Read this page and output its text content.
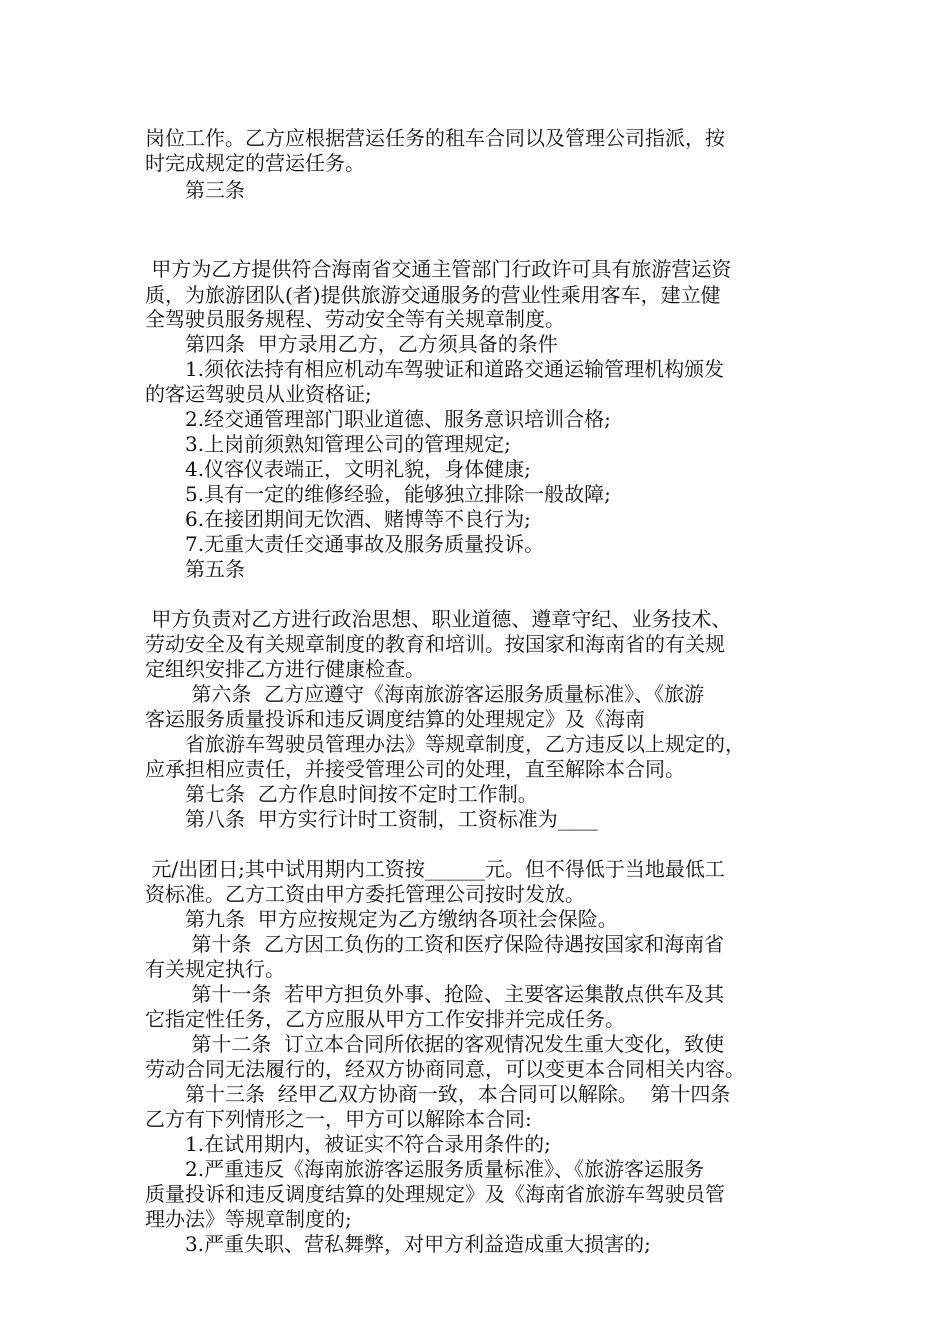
岗位工作。乙方应根据营运任务的租车合同以及管理公司指派，按
时完成规定的营运任务。
　　第三条
甲方为乙方提供符合海南省交通主管部门行政许可具有旅游营运资
质，为旅游团队(者)提供旅游交通服务的营业性乘用客车，建立健
全驾驶员服务规程、劳动安全等有关规章制度。
　　第四条  甲方录用乙方，乙方须具备的条件
　　1.须依法持有相应机动车驾驶证和道路交通运输管理机构颁发
的客运驾驶员从业资格证;
　　2.经交通管理部门职业道德、服务意识培训合格;
　　3.上岗前须熟知管理公司的管理规定;
　　4.仪容仪表端正，文明礼貌，身体健康;
　　5.具有一定的维修经验，能够独立排除一般故障;
　　6.在接团期间无饮酒、赌博等不良行为;
　　7.无重大责任交通事故及服务质量投诉。
　　第五条
甲方负责对乙方进行政治思想、职业道德、遵章守纪、业务技术、
劳动安全及有关规章制度的教育和培训。按国家和海南省的有关规
定组织安排乙方进行健康检查。
　　 第六条  乙方应遵守《海南旅游客运服务质量标准》、《旅游
客运服务质量投诉和违反调度结算的处理规定》及《海南
　　省旅游车驾驶员管理办法》等规章制度，乙方违反以上规定的，
应承担相应责任，并接受管理公司的处理，直至解除本合同。
　　第七条  乙方作息时间按不定时工作制。
　　第八条  甲方实行计时工资制，工资标准为____
元/出团日;其中试用期内工资按______元。但不得低于当地最低工
资标准。乙方工资由甲方委托管理公司按时发放。
　　第九条  甲方应按规定为乙方缴纳各项社会保险。
　　 第十条  乙方因工负伤的工资和医疗保险待遇按国家和海南省
有关规定执行。
　　 第十一条  若甲方担负外事、抢险、主要客运集散点供车及其
它指定性任务，乙方应服从甲方工作安排并完成任务。
　　 第十二条  订立本合同所依据的客观情况发生重大变化，致使
劳动合同无法履行的，经双方协商同意，可以变更本合同相关内容。
　　第十三条  经甲乙双方协商一致，本合同可以解除。  第十四条
乙方有下列情形之一，甲方可以解除本合同:
　　1.在试用期内，被证实不符合录用条件的;
　　2.严重违反《海南旅游客运服务质量标准》、《旅游客运服务
质量投诉和违反调度结算的处理规定》及《海南省旅游车驾驶员管
理办法》等规章制度的;
　　3.严重失职、营私舞弊，对甲方利益造成重大损害的;
